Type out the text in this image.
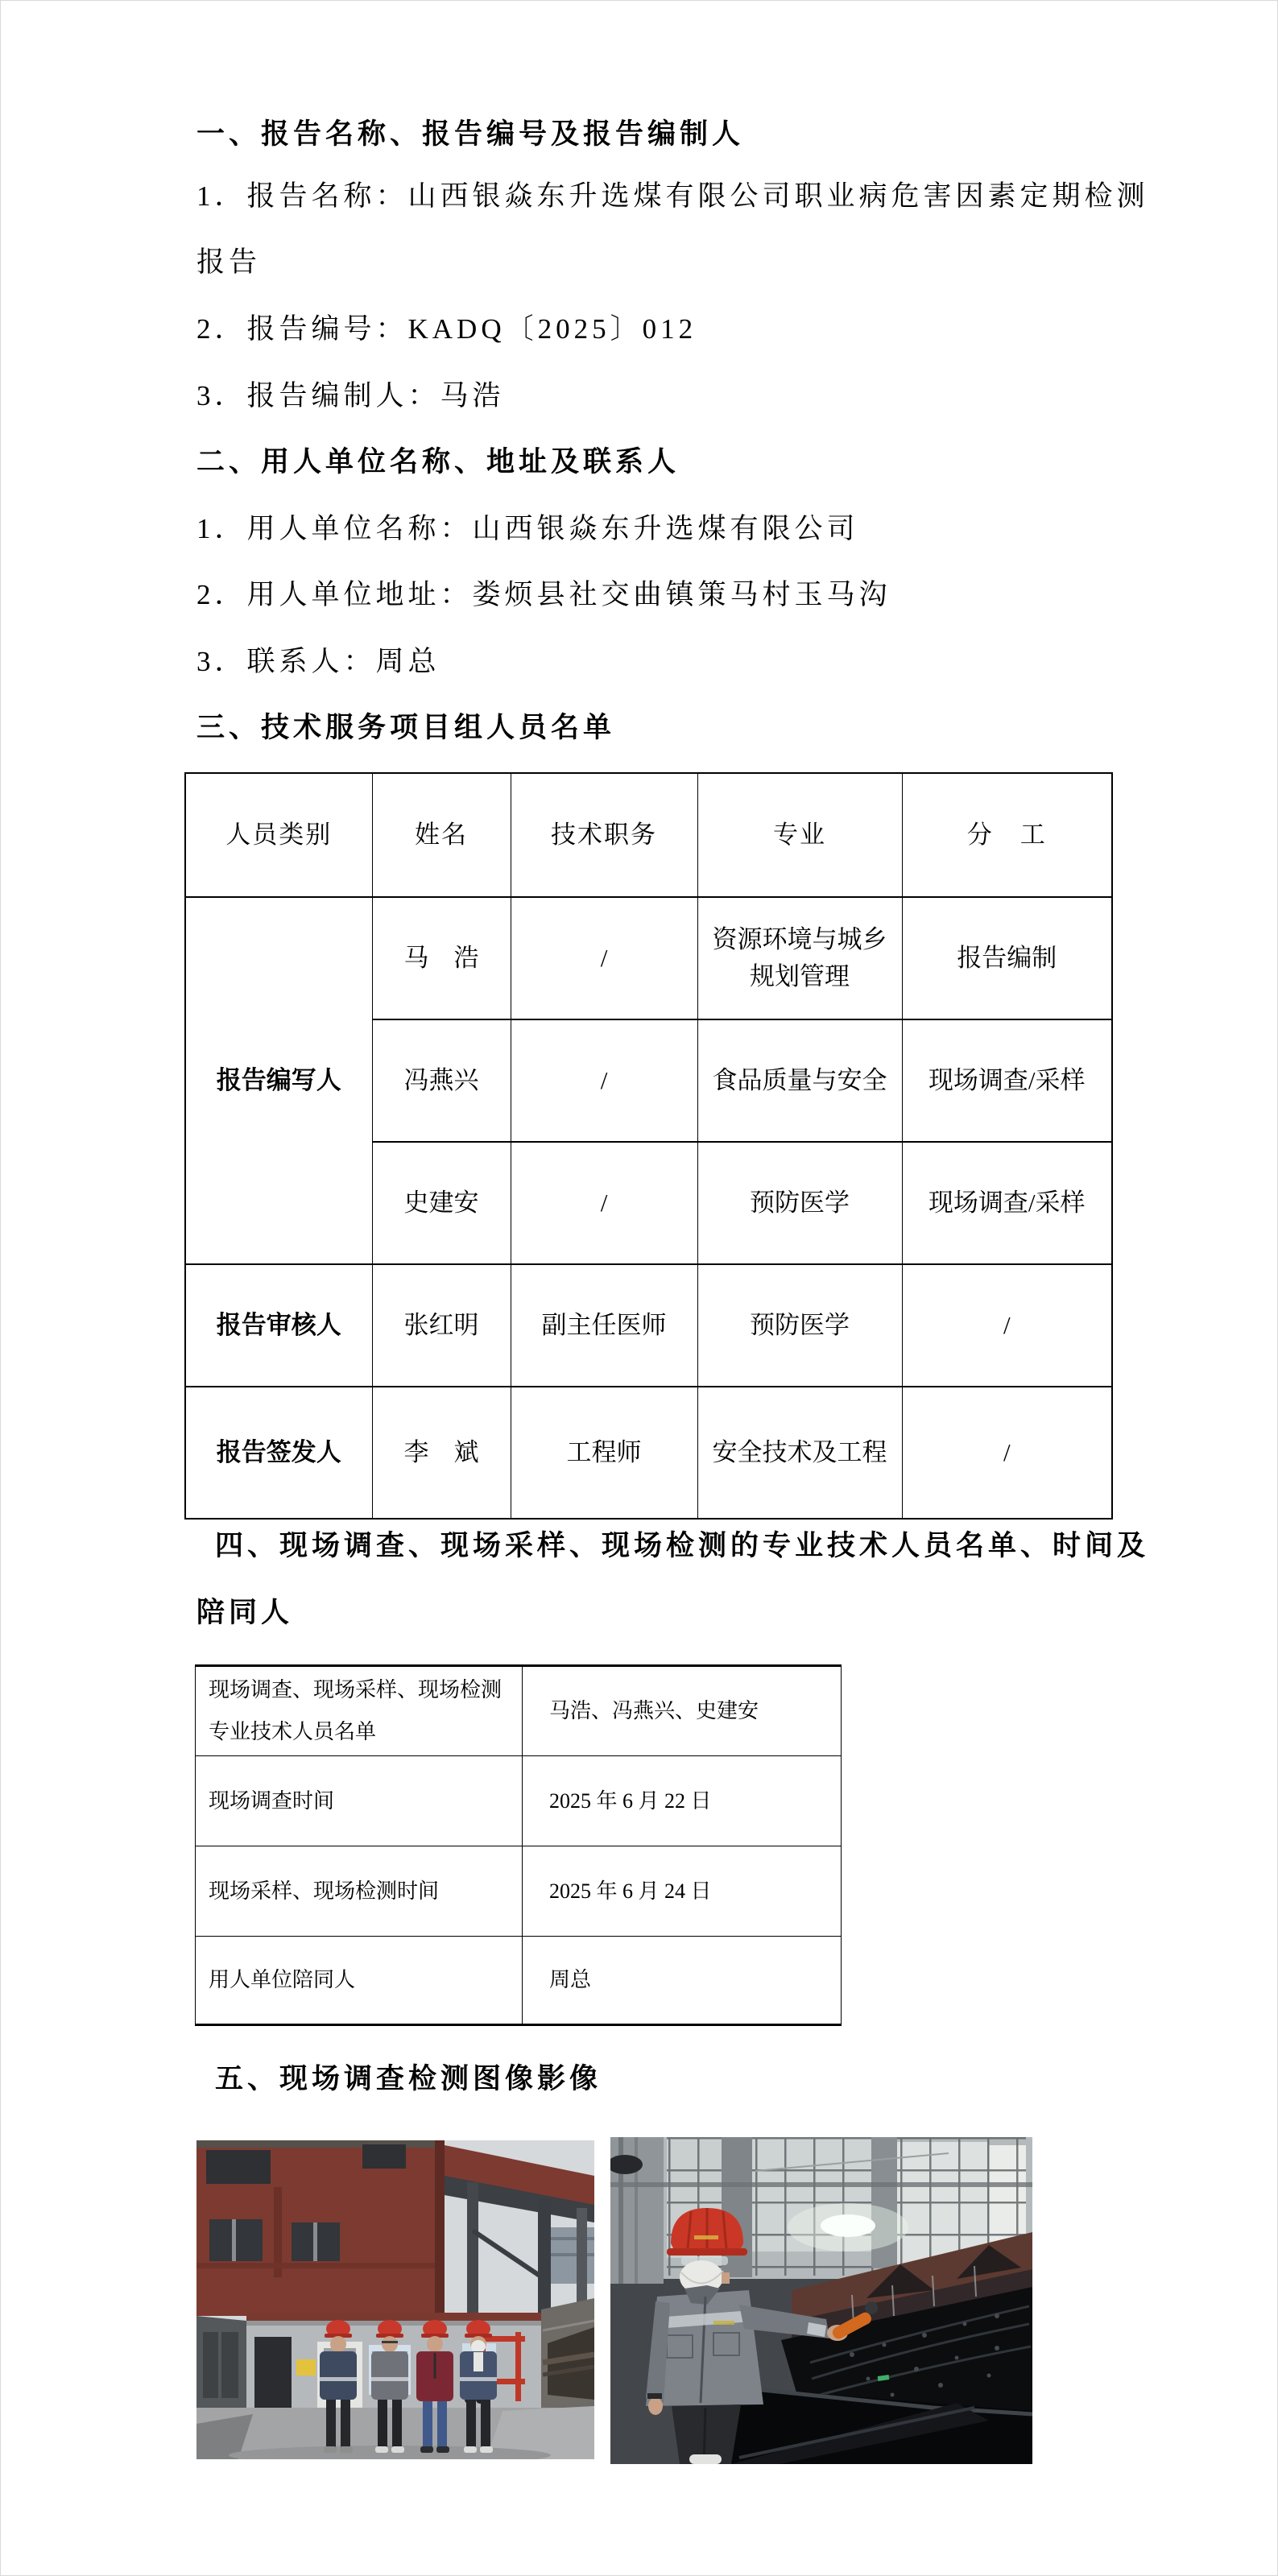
一、报告名称、报告编号及报告编制人
1．报告名称：山西银焱东升选煤有限公司职业病危害因素定期检测
报告
2．报告编号：KADQ〔2025〕012
3．报告编制人：马浩
二、用人单位名称、地址及联系人
1．用人单位名称：山西银焱东升选煤有限公司
2．用人单位地址：娄烦县社交曲镇策马村玉马沟
3．联系人：周总
三、技术服务项目组人员名单
人员类别	姓名	技术职务	专业	分　工
报告编写人	马　浩	/	资源环境与城乡规划管理	报告编制
	冯燕兴	/	食品质量与安全	现场调查/采样
	史建安	/	预防医学	现场调查/采样
报告审核人	张红明	副主任医师	预防医学	/
报告签发人	李　斌	工程师	安全技术及工程	/
四、现场调查、现场采样、现场检测的专业技术人员名单、时间及
陪同人
现场调查、现场采样、现场检测专业技术人员名单	马浩、冯燕兴、史建安
现场调查时间	2025 年 6 月 22 日
现场采样、现场检测时间	2025 年 6 月 24 日
用人单位陪同人	周总
五、现场调查检测图像影像
